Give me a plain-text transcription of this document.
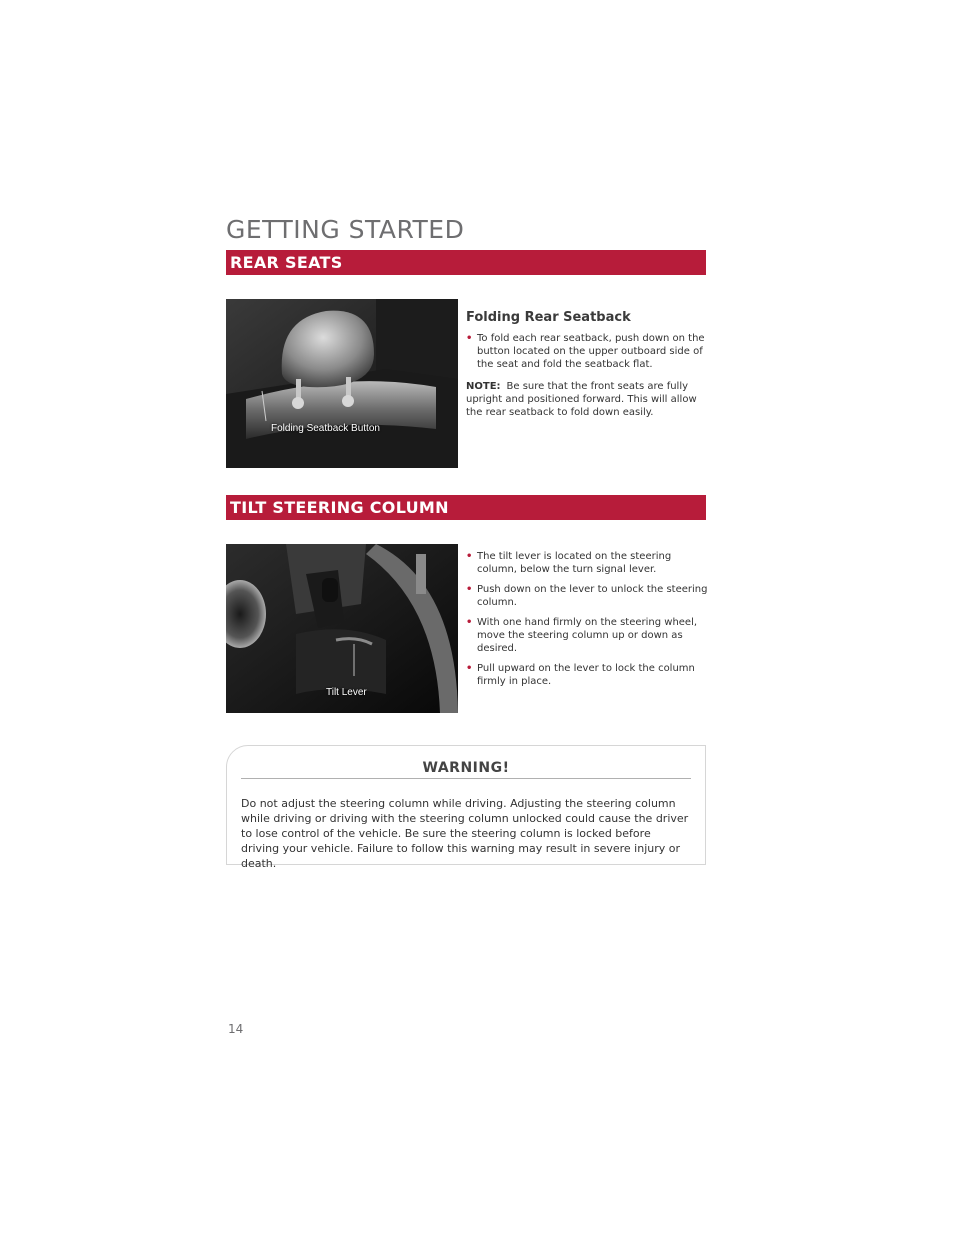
GETTING STARTED
REAR SEATS
Folding Seatback Button
Folding Rear Seatback
• To fold each rear seatback, push down on the button located on the upper outboard side of the seat and fold the seatback flat.
NOTE: Be sure that the front seats are fully upright and positioned forward. This will allow the rear seatback to fold down easily.
TILT STEERING COLUMN
Tilt Lever
• The tilt lever is located on the steering column, below the turn signal lever.
• Push down on the lever to unlock the steering column.
• With one hand firmly on the steering wheel, move the steering column up or down as desired.
• Pull upward on the lever to lock the column firmly in place.
WARNING!
Do not adjust the steering column while driving. Adjusting the steering column while driving or driving with the steering column unlocked could cause the driver to lose control of the vehicle. Be sure the steering column is locked before driving your vehicle. Failure to follow this warning may result in severe injury or death.
14
